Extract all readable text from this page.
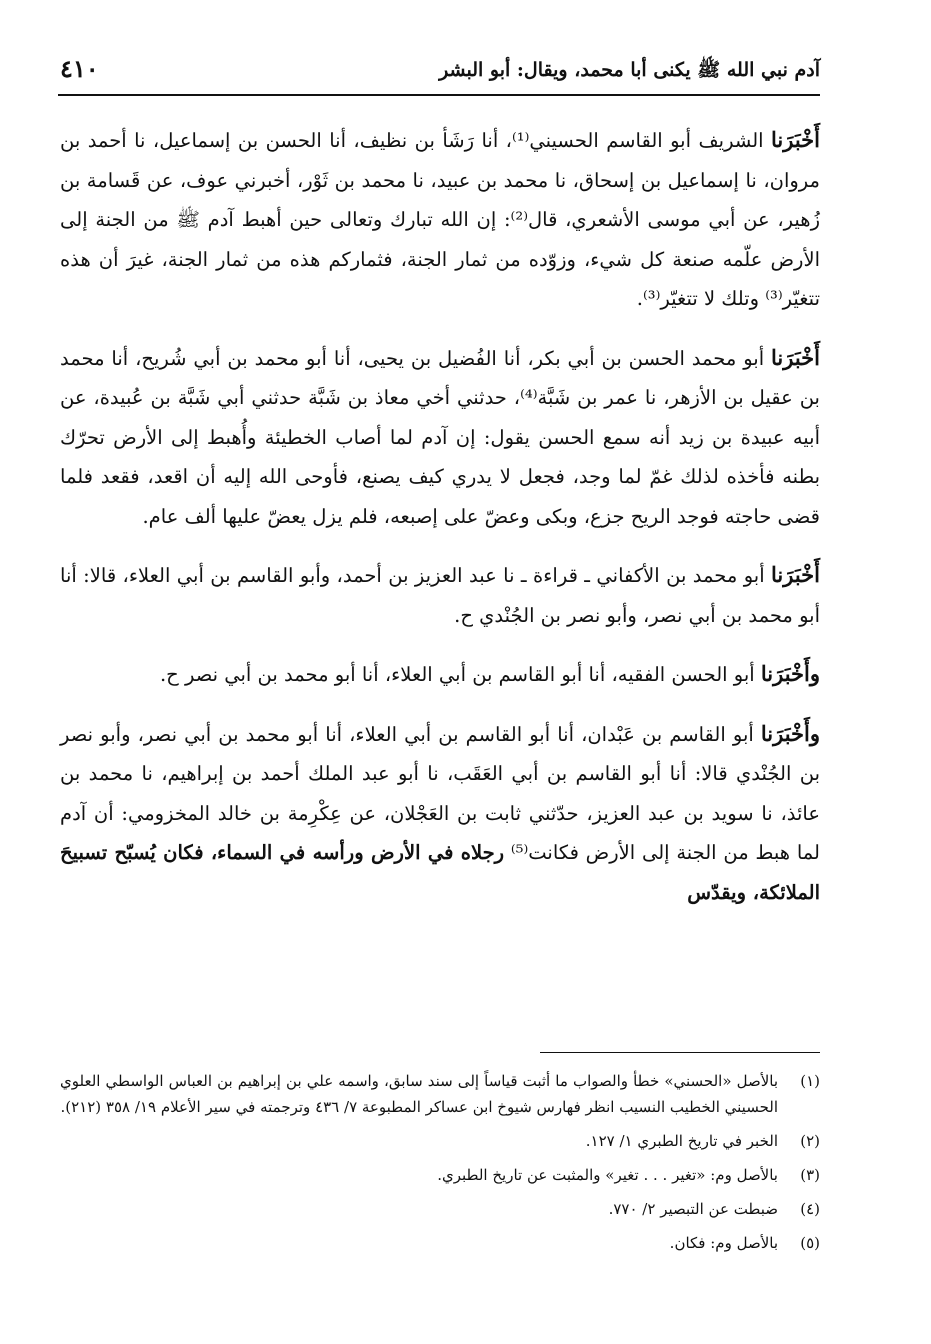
آدم نبي الله ﷺ يكنى أبا محمد، ويقال: أبو البشر
٤١٠

أَخْبَرَنا الشريف أبو القاسم الحسيني⁽¹⁾، أنا رَشَأ بن نظيف، أنا الحسن بن إسماعيل، نا أحمد بن مروان، نا إسماعيل بن إسحاق، نا محمد بن عبيد، نا محمد بن ثَوْر، أخبرني عوف، عن قَسامة بن زُهير، عن أبي موسى الأشعري، قال⁽²⁾: إن الله تبارك وتعالى حين أهبط آدم ﷺ من الجنة إلى الأرض علّمه صنعة كل شيء، وزوّده من ثمار الجنة، فثماركم هذه من ثمار الجنة، غيرَ أن هذه تتغيّر⁽³⁾ وتلك لا تتغيّر⁽³⁾.

أَخْبَرَنا أبو محمد الحسن بن أبي بكر، أنا الفُضيل بن يحيى، أنا أبو محمد بن أبي شُريح، أنا محمد بن عقيل بن الأزهر، نا عمر بن شَبَّة⁽⁴⁾، حدثني أخي معاذ بن شَبَّة حدثني أبي شَبَّة بن عُبيدة، عن أبيه عبيدة بن زيد أنه سمع الحسن يقول: إن آدم لما أصاب الخطيئة وأُهبط إلى الأرض تحرّك بطنه فأخذه لذلك غمّ لما وجد، فجعل لا يدري كيف يصنع، فأوحى الله إليه أن اقعد، فقعد فلما قضى حاجته فوجد الريح جزع، وبكى وعضّ على إصبعه، فلم يزل يعضّ عليها ألف عام.

أَخْبَرَنا أبو محمد بن الأكفاني ـ قراءة ـ نا عبد العزيز بن أحمد، وأبو القاسم بن أبي العلاء، قالا: أنا أبو محمد بن أبي نصر، وأبو نصر بن الجُنْدي ح.

وأَخْبَرَنا أبو الحسن الفقيه، أنا أبو القاسم بن أبي العلاء، أنا أبو محمد بن أبي نصر ح.

وأَخْبَرَنا أبو القاسم بن عَبْدان، أنا أبو القاسم بن أبي العلاء، أنا أبو محمد بن أبي نصر، وأبو نصر بن الجُنْدي قالا: أنا أبو القاسم بن أبي العَقَب، نا أبو عبد الملك أحمد بن إبراهيم، نا محمد بن عائذ، نا سويد بن عبد العزيز، حدّثني ثابت بن العَجْلان، عن عِكْرِمة بن خالد المخزومي: أن آدم لما هبط من الجنة إلى الأرض فكانت⁽⁵⁾ رجلاه في الأرض ورأسه في السماء، فكان يُسبّح تسبيحَ الملائكة، ويقدّس

(١)
بالأصل «الحسني» خطأ والصواب ما أثبت قياساً إلى سند سابق، واسمه علي بن إبراهيم بن العباس الواسطي العلوي الحسيني الخطيب النسيب انظر فهارس شيوخ ابن عساكر المطبوعة ٧/ ٤٣٦ وترجمته في سير الأعلام ١٩/ ٣٥٨ (٢١٢).
(٢)
الخبر في تاريخ الطبري ١/ ١٢٧.
(٣)
بالأصل وم: «تغير . . . تغير» والمثبت عن تاريخ الطبري.
(٤)
ضبطت عن التبصير ٢/ ٧٧٠.
(٥)
بالأصل وم: فكان.
